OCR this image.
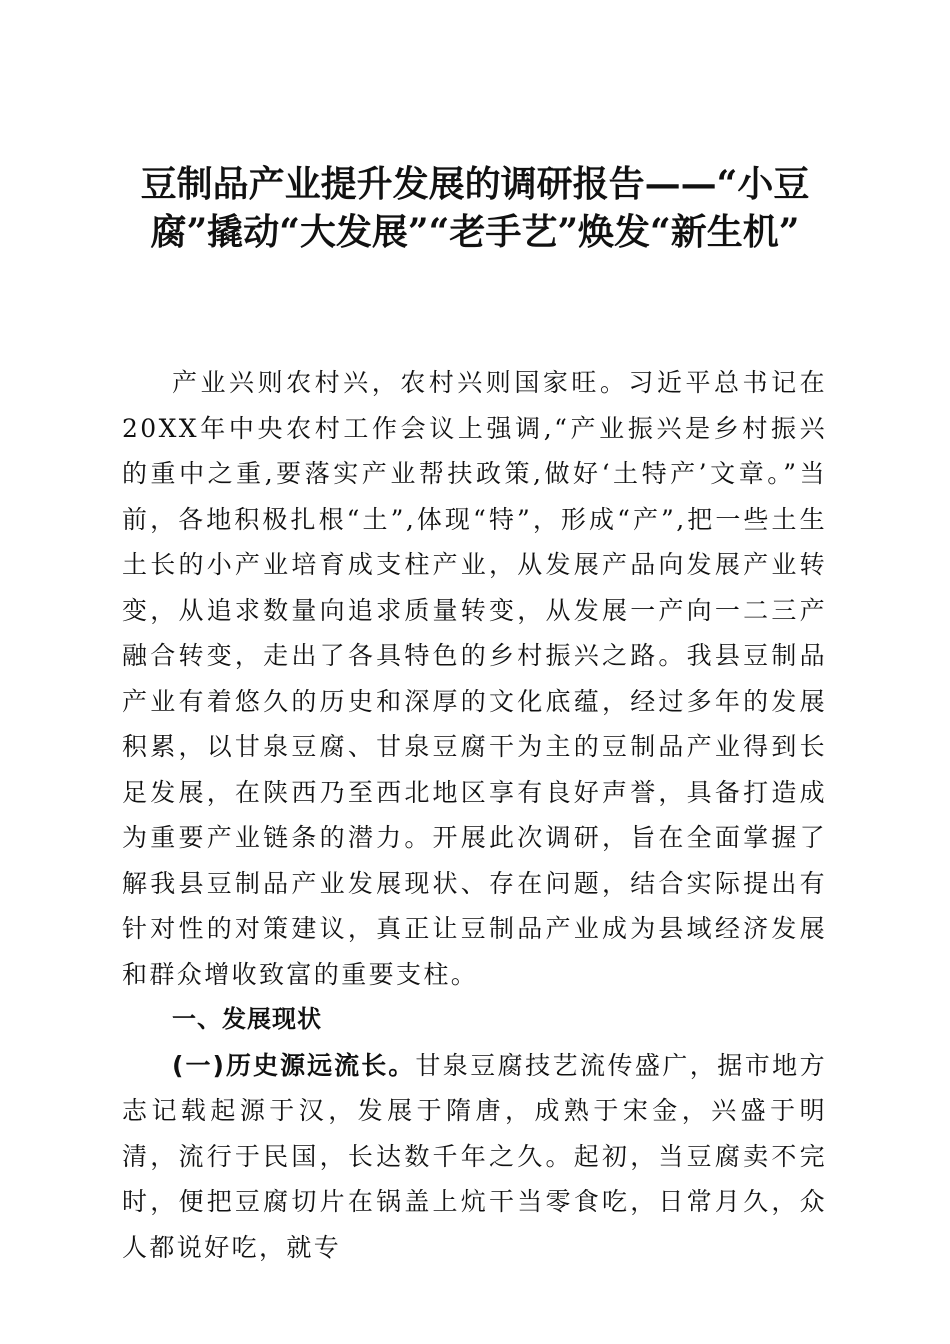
豆制品产业提升发展的调研报告——“小豆腐”撬动“大发展”“老手艺”焕发“新生机”

产业兴则农村兴，农村兴则国家旺。习近平总书记在20XX年中央农村工作会议上强调,“产业振兴是乡村振兴的重中之重,要落实产业帮扶政策,做好‘土特产’文章。”当前，各地积极扎根“土”,体现“特”，形成“产”,把一些土生土长的小产业培育成支柱产业，从发展产品向发展产业转变，从追求数量向追求质量转变，从发展一产向一二三产融合转变，走出了各具特色的乡村振兴之路。我县豆制品产业有着悠久的历史和深厚的文化底蕴，经过多年的发展积累，以甘泉豆腐、甘泉豆腐干为主的豆制品产业得到长足发展，在陕西乃至西北地区享有良好声誉，具备打造成为重要产业链条的潜力。开展此次调研，旨在全面掌握了解我县豆制品产业发展现状、存在问题，结合实际提出有针对性的对策建议，真正让豆制品产业成为县域经济发展和群众增收致富的重要支柱。

一、发展现状

(一)历史源远流长。甘泉豆腐技艺流传盛广，据市地方志记载起源于汉，发展于隋唐，成熟于宋金，兴盛于明清，流行于民国，长达数千年之久。起初，当豆腐卖不完时，便把豆腐切片在锅盖上炕干当零食吃，日常月久，众人都说好吃，就专
